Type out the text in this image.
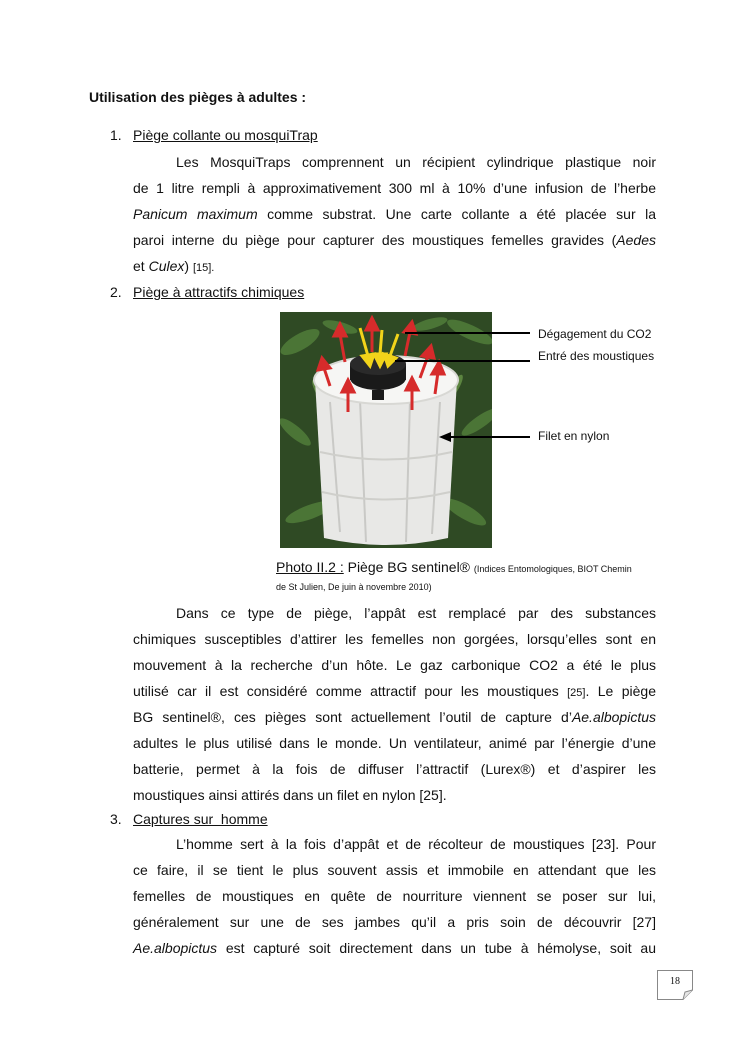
Utilisation des pièges à adultes :
1. Piège collante ou mosquiTrap
Les MosquiTraps comprennent un récipient cylindrique plastique noir
de 1 litre rempli à approximativement 300 ml à 10% d’une infusion de l’herbe
Panicum maximum comme substrat. Une carte collante a été placée sur la
paroi interne du piège pour capturer des moustiques femelles gravides (Aedes
et Culex) [15].
2. Piège à attractifs chimiques
Dégagement du CO2
Entré des moustiques
Filet en nylon
Photo II.2 : Piège BG sentinel® (Indices Entomologiques, BIOT Chemin
de St Julien, De juin à novembre 2010)
Dans ce type de piège, l’appât est remplacé par des substances
chimiques susceptibles d’attirer les femelles non gorgées, lorsqu’elles sont en
mouvement à la recherche d’un hôte. Le gaz carbonique CO2 a été le plus
utilisé car il est considéré comme attractif pour les moustiques [25]. Le piège
BG sentinel®, ces pièges sont actuellement l’outil de capture d’Ae.albopictus
adultes le plus utilisé dans le monde. Un ventilateur, animé par l’énergie d’une
batterie, permet à la fois de diffuser l’attractif (Lurex®) et d’aspirer les
moustiques ainsi attirés dans un filet en nylon [25].
3. Captures sur  homme
L’homme sert à la fois d’appât et de récolteur de moustiques [23]. Pour
ce faire, il se tient le plus souvent assis et immobile en attendant que les
femelles de moustiques en quête de nourriture viennent se poser sur lui,
généralement sur une de ses jambes qu’il a pris soin de découvrir [27]
Ae.albopictus est capturé soit directement dans un tube à hémolyse, soit au
18
